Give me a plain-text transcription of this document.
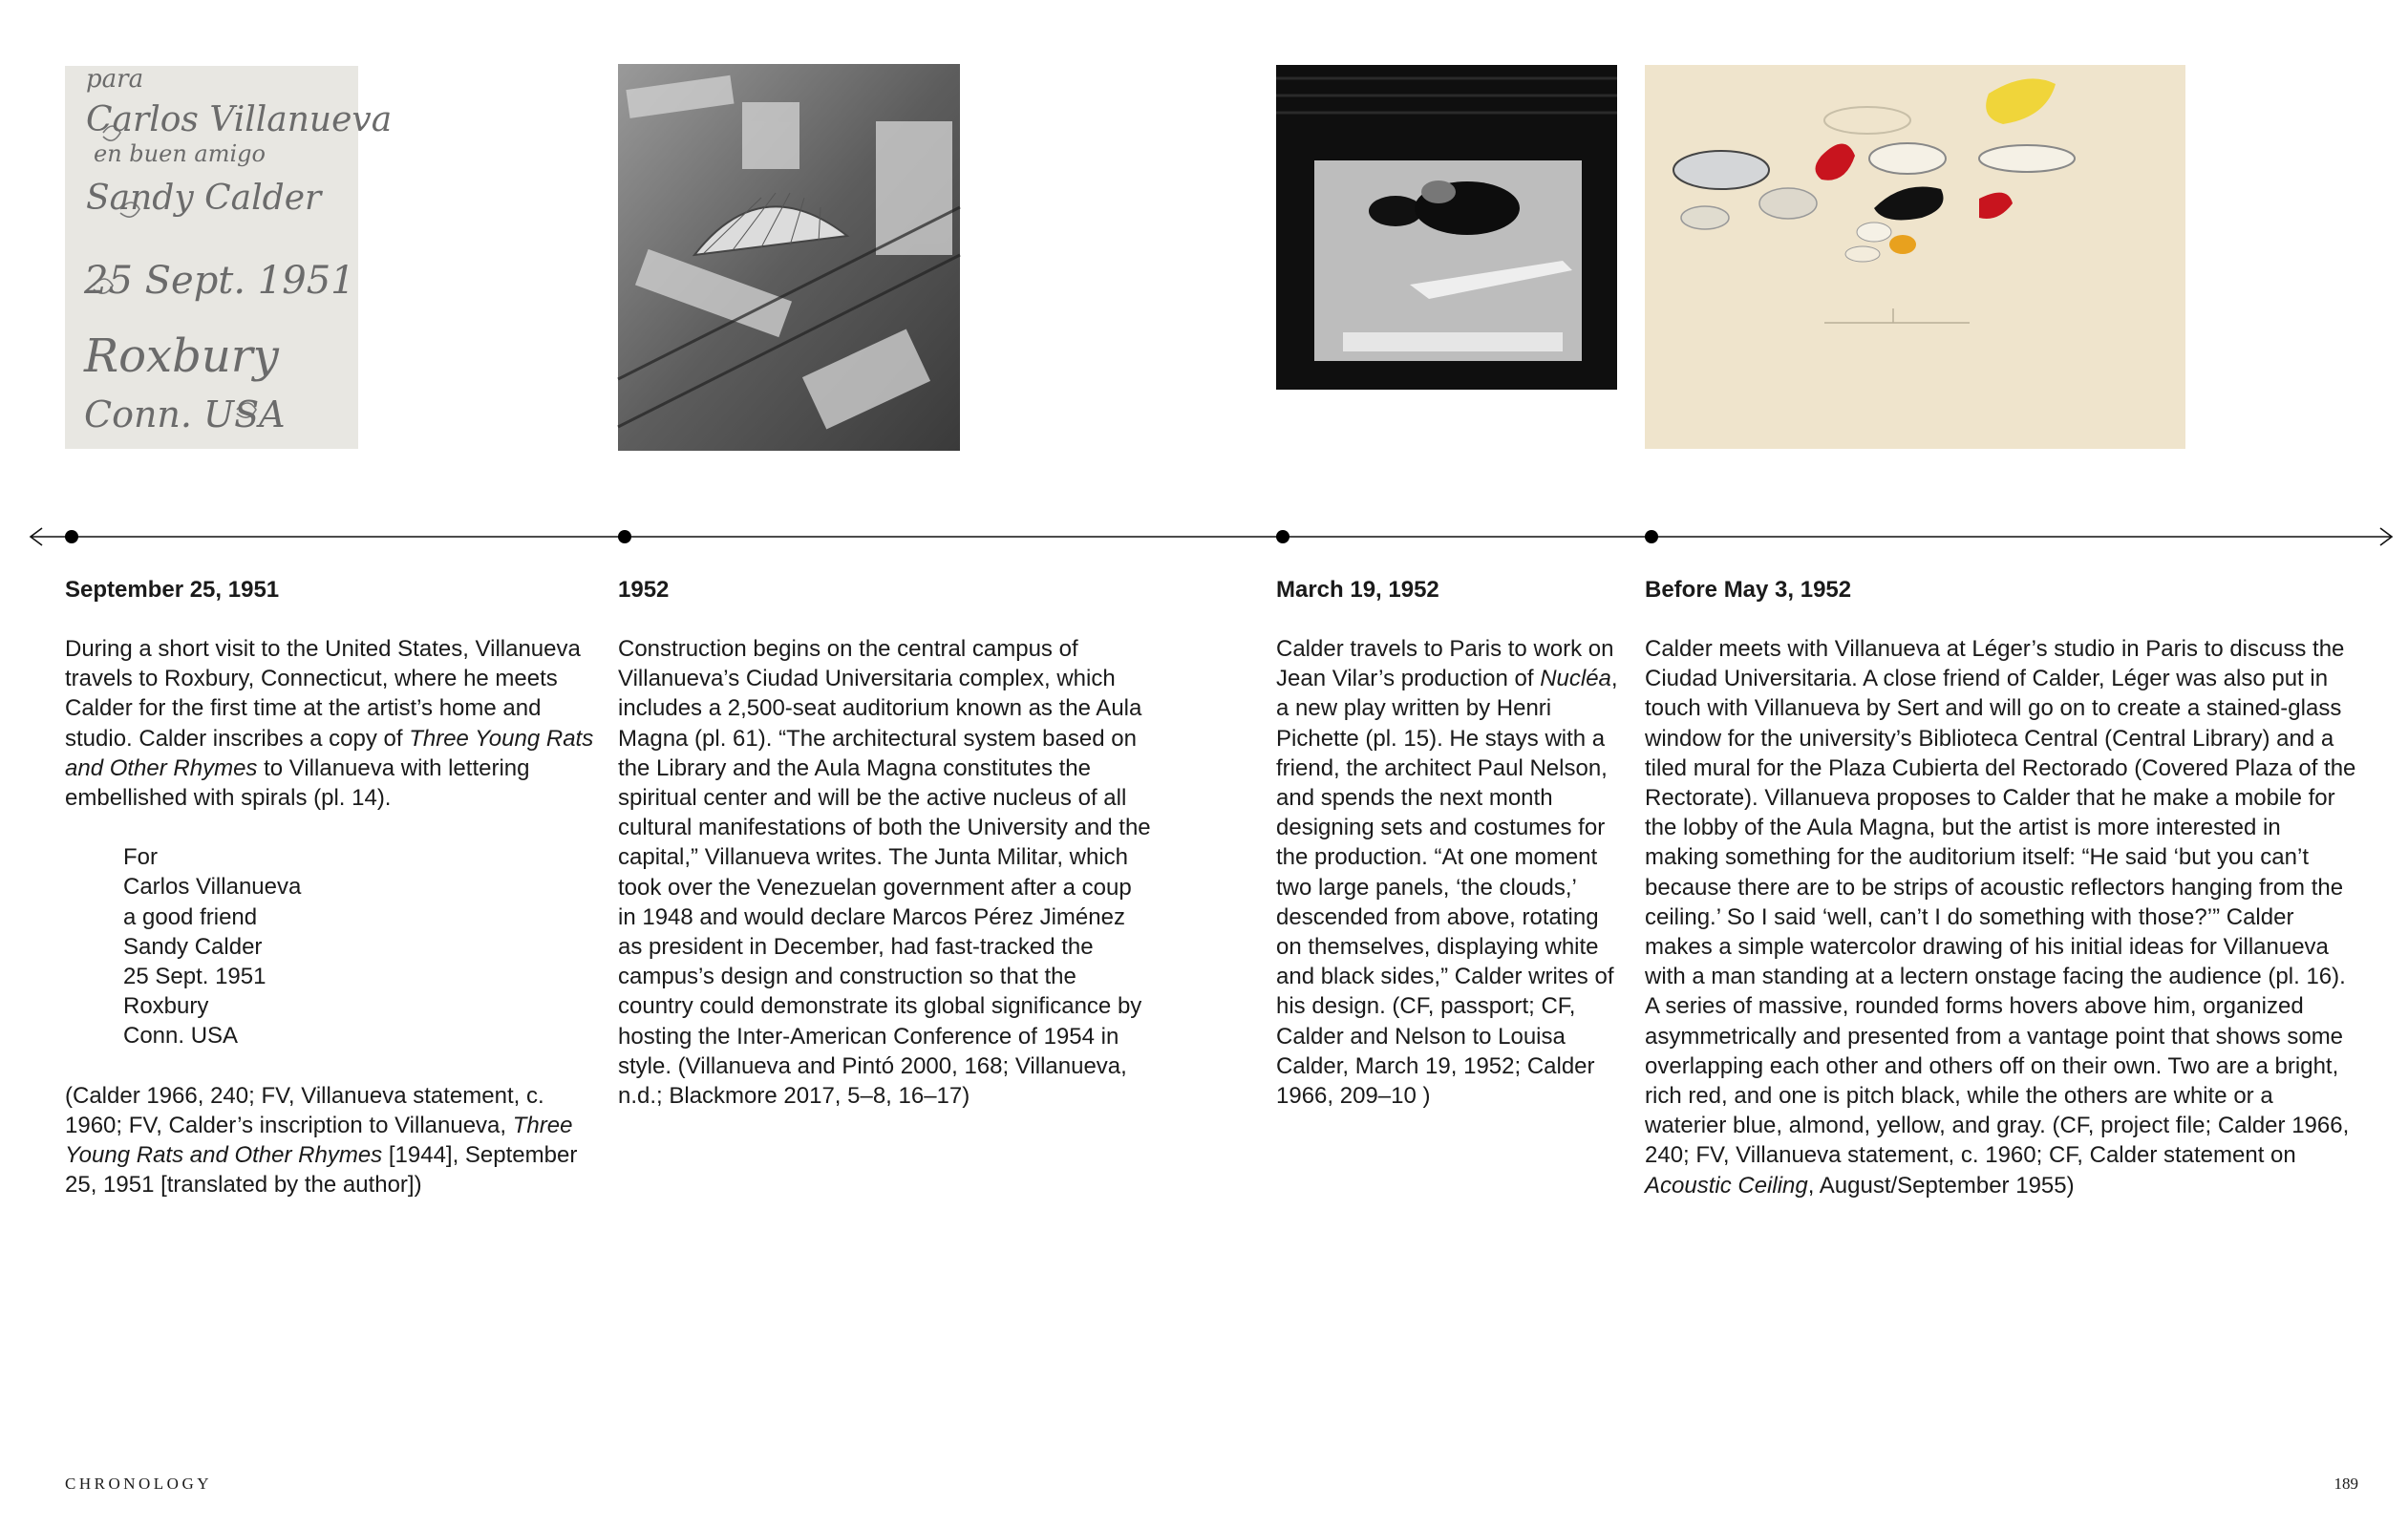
para
Carlos Villanueva
en buen amigo
Sandy Calder
25 Sept. 1951
Roxbury
Conn. USA

September 25, 1951

During a short visit to the United States, Villanueva travels to Roxbury, Connecticut, where he meets Calder for the first time at the artist’s home and studio. Calder inscribes a copy of Three Young Rats and Other Rhymes to Villanueva with lettering embellished with spirals (pl. 14).

For
Carlos Villanueva
a good friend
Sandy Calder
25 Sept. 1951
Roxbury
Conn. USA

(Calder 1966, 240; FV, Villanueva statement, c. 1960; FV, Calder’s inscription to Villanueva, Three Young Rats and Other Rhymes [1944], September 25, 1951 [translated by the author])

1952

Construction begins on the central campus of Villanueva’s Ciudad Universitaria complex, which includes a 2,500-seat auditorium known as the Aula Magna (pl. 61). “The architectural system based on the Library and the Aula Magna constitutes the spiritual center and will be the active nucleus of all cultural manifestations of both the University and the capital,” Villanueva writes. The Junta Militar, which took over the Venezuelan government after a coup in 1948 and would declare Marcos Pérez Jiménez as president in December, had fast-tracked the campus’s design and construction so that the country could demonstrate its global significance by hosting the Inter-American Conference of 1954 in style. (Villanueva and Pintó 2000, 168; Villanueva, n.d.; Blackmore 2017, 5–8, 16–17)

March 19, 1952

Calder travels to Paris to work on Jean Vilar’s production of Nucléa, a new play written by Henri Pichette (pl. 15). He stays with a friend, the architect Paul Nelson, and spends the next month designing sets and costumes for the production. “At one moment two large panels, ‘the clouds,’ descended from above, rotating on themselves, displaying white and black sides,” Calder writes of his design. (CF, passport; CF, Calder and Nelson to Louisa Calder, March 19, 1952; Calder 1966, 209–10 )

Before May 3, 1952

Calder meets with Villanueva at Léger’s studio in Paris to discuss the Ciudad Universitaria. A close friend of Calder, Léger was also put in touch with Villanueva by Sert and will go on to create a stained-glass window for the university’s Biblioteca Central (Central Library) and a tiled mural for the Plaza Cubierta del Rectorado (Covered Plaza of the Rectorate). Villanueva proposes to Calder that he make a mobile for the lobby of the Aula Magna, but the artist is more interested in making something for the auditorium itself: “He said ‘but you can’t because there are to be strips of acoustic reflectors hanging from the ceiling.’ So I said ‘well, can’t I do something with those?’” Calder makes a simple watercolor drawing of his initial ideas for Villanueva with a man standing at a lectern onstage facing the audience (pl. 16). A series of massive, rounded forms hovers above him, organized asymmetrically and presented from a vantage point that shows some overlapping each other and others off on their own. Two are a bright, rich red, and one is pitch black, while the others are white or a waterier blue, almond, yellow, and gray. (CF, project file; Calder 1966, 240; FV, Villanueva statement, c. 1960; CF, Calder statement on Acoustic Ceiling, August/September 1955)

CHRONOLOGY	189
